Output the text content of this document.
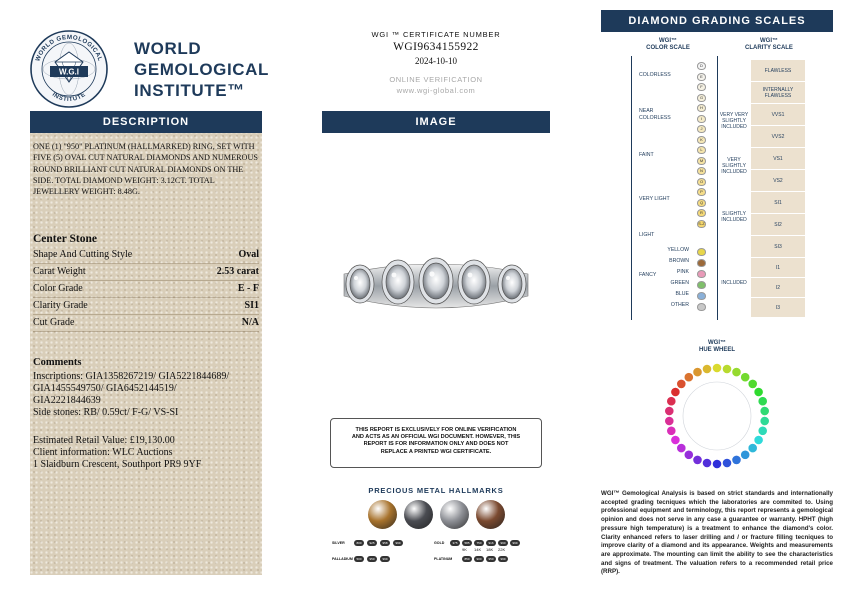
W.G.I
WORLD GEMOLOGICAL
INSTITUTE
WORLD
GEMOLOGICAL
INSTITUTE™
DESCRIPTION
ONE (1) "950" PLATINUM (HALLMARKED) RING, SET WITH FIVE (5) OVAL CUT NATURAL DIAMONDS AND NUMEROUS ROUND BRILLIANT CUT NATURAL DIAMONDS ON THE SIDE. TOTAL DIAMOND WEIGHT: 3.12CT. TOTAL JEWELLERY WEIGHT: 8.48G.
Center Stone
Shape And Cutting Style	Oval
Carat Weight	2.53 carat
Color Grade	E - F
Clarity Grade	SI1
Cut Grade	N/A
Comments
Inscriptions: GIA1358267219/ GIA5221844689/
GIA1455549750/ GIA6452144519/
GIA2221844639
Side stones: RB/ 0.59ct/ F-G/ VS-SI
Estimated Retail Value: £19,130.00
Client information: WLC Auctions
1 Slaidburn Crescent, Southport PR9 9YF
WGI ™ CERTIFICATE NUMBER
WGI9634155922
2024-10-10
ONLINE VERIFICATION
www.wgi-global.com
IMAGE
THIS REPORT IS EXCLUSIVELY FOR ONLINE VERIFICATION AND ACTS AS AN OFFICIAL WGI DOCUMENT. HOWEVER, THIS REPORT IS FOR INFORMATION ONLY AND DOES NOT REPLACE A PRINTED WGI CERTIFICATE.
PRECIOUS METAL HALLMARKS
SILVER	800	925	958	999
PALLADIUM	500	950	999
GOLD	375	585	750	916	990	999
9K 14K 18K 22K
PLATINUM	850	900	950	999
DIAMOND GRADING SCALES
WGI™
COLOR SCALE
WGI™
CLARITY SCALE
COLORLESS
NEAR COLORLESS
FAINT
VERY LIGHT
LIGHT
FANCY
D
E
F
G
H
I
J
K
L
M
N
O
P
Q
R
S-Z
YELLOW
BROWN
PINK
GREEN
BLUE
OTHER
VERY VERY SLIGHTLY INCLUDED
VERY SLIGHTLY INCLUDED
SLIGHTLY INCLUDED
INCLUDED
FLAWLESS
INTERNALLY FLAWLESS
VVS1
VVS2
VS1
VS2
SI1
SI2
SI3
I1
I2
I3
WGI™
HUE WHEEL
WGI™ Gemological Analysis is based on strict standards and internationally accepted grading tecniques which the laboratories are commited to. Using professional equipment and terminology, this report represents a gemological opinion and does not serve in any case a guarantee or warranty. HPHT (high pressure high temperature) is a treatment to enhance the diamond's color. Clarity enhanced refers to laser drilling and / or fracture filling tecniques to improve clarity of a diamond and its appearance. Weights and measurements are approximate. The mounting can limit the ability to see the characteristics and signs of treatment. The valuation refers to a recommended retail price (RRP).
